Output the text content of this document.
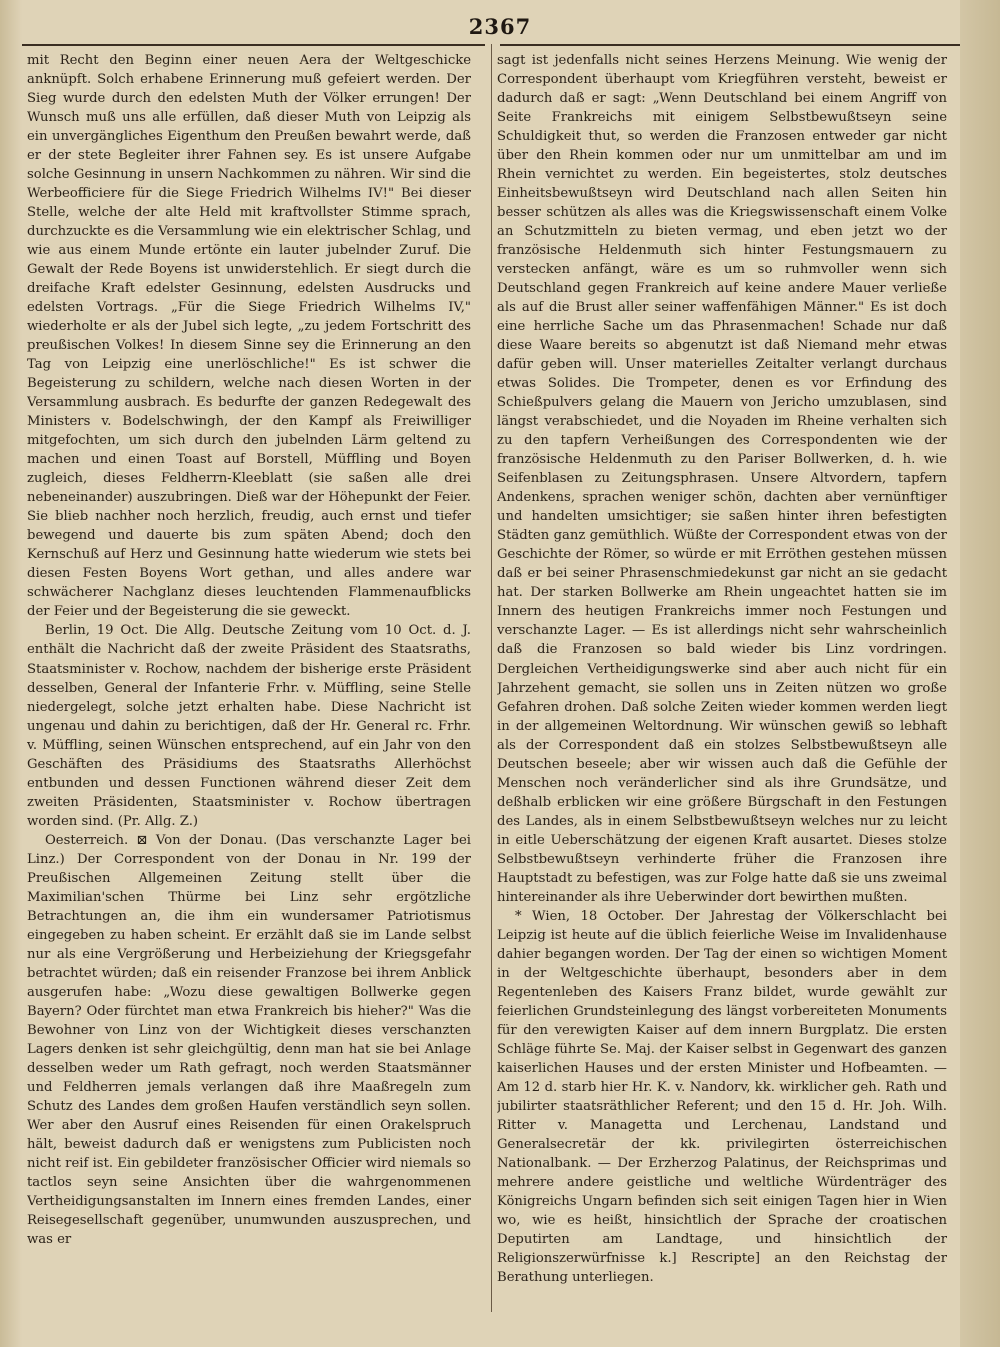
2367

mit Recht den Beginn einer neuen Aera der Weltgeschicke anknüpft. Solch erhabene Erinnerung muß gefeiert werden. Der Sieg wurde durch den edelsten Muth der Völker errungen! Der Wunsch muß uns alle erfüllen, daß dieser Muth von Leipzig als ein unvergängliches Eigenthum den Preußen bewahrt werde, daß er der stete Begleiter ihrer Fahnen sey. Es ist unsere Aufgabe solche Gesinnung in unsern Nachkommen zu nähren. Wir sind die Werbeofficiere für die Siege Friedrich Wilhelms IV!" Bei dieser Stelle, welche der alte Held mit kraftvollster Stimme sprach, durchzuckte es die Versammlung wie ein elektrischer Schlag, und wie aus einem Munde ertönte ein lauter jubelnder Zuruf. Die Gewalt der Rede Boyens ist unwiderstehlich. Er siegt durch die dreifache Kraft edelster Gesinnung, edelsten Ausdrucks und edelsten Vortrags. „Für die Siege Friedrich Wilhelms IV," wiederholte er als der Jubel sich legte, „zu jedem Fortschritt des preußischen Volkes! In diesem Sinne sey die Erinnerung an den Tag von Leipzig eine unerlöschliche!" Es ist schwer die Begeisterung zu schildern, welche nach diesen Worten in der Versammlung ausbrach. Es bedurfte der ganzen Redegewalt des Ministers v. Bodelschwingh, der den Kampf als Freiwilliger mitgefochten, um sich durch den jubelnden Lärm geltend zu machen und einen Toast auf Borstell, Müffling und Boyen zugleich, dieses Feldherrn-Kleeblatt (sie saßen alle drei nebeneinander) auszubringen. Dieß war der Höhepunkt der Feier. Sie blieb nachher noch herzlich, freudig, auch ernst und tiefer bewegend und dauerte bis zum späten Abend; doch den Kernschuß auf Herz und Gesinnung hatte wiederum wie stets bei diesen Festen Boyens Wort gethan, und alles andere war schwächerer Nachglanz dieses leuchtenden Flammenaufblicks der Feier und der Begeisterung die sie geweckt.

Berlin, 19 Oct. Die Allg. Deutsche Zeitung vom 10 Oct. d. J. enthält die Nachricht daß der zweite Präsident des Staatsraths, Staatsminister v. Rochow, nachdem der bisherige erste Präsident desselben, General der Infanterie Frhr. v. Müffling, seine Stelle niedergelegt, solche jetzt erhalten habe. Diese Nachricht ist ungenau und dahin zu berichtigen, daß der Hr. General rc. Frhr. v. Müffling, seinen Wünschen entsprechend, auf ein Jahr von den Geschäften des Präsidiums des Staatsraths Allerhöchst entbunden und dessen Functionen während dieser Zeit dem zweiten Präsidenten, Staatsminister v. Rochow übertragen worden sind. (Pr. Allg. Z.)

Oesterreich. ⊠ Von der Donau. (Das verschanzte Lager bei Linz.) Der Correspondent von der Donau in Nr. 199 der Preußischen Allgemeinen Zeitung stellt über die Maximilian'schen Thürme bei Linz sehr ergötzliche Betrachtungen an, die ihm ein wundersamer Patriotismus eingegeben zu haben scheint. Er erzählt daß sie im Lande selbst nur als eine Vergrößerung und Herbeiziehung der Kriegsgefahr betrachtet würden; daß ein reisender Franzose bei ihrem Anblick ausgerufen habe: „Wozu diese gewaltigen Bollwerke gegen Bayern? Oder fürchtet man etwa Frankreich bis hieher?" Was die Bewohner von Linz von der Wichtigkeit dieses verschanzten Lagers denken ist sehr gleichgültig, denn man hat sie bei Anlage desselben weder um Rath gefragt, noch werden Staatsmänner und Feldherren jemals verlangen daß ihre Maaßregeln zum Schutz des Landes dem großen Haufen verständlich seyn sollen. Wer aber den Ausruf eines Reisenden für einen Orakelspruch hält, beweist dadurch daß er wenigstens zum Publicisten noch nicht reif ist. Ein gebildeter französischer Officier wird niemals so tactlos seyn seine Ansichten über die wahrgenommenen Vertheidigungsanstalten im Innern eines fremden Landes, einer Reisegesellschaft gegenüber, unumwunden auszusprechen, und was er

sagt ist jedenfalls nicht seines Herzens Meinung. Wie wenig der Correspondent überhaupt vom Kriegführen versteht, beweist er dadurch daß er sagt: „Wenn Deutschland bei einem Angriff von Seite Frankreichs mit einigem Selbstbewußtseyn seine Schuldigkeit thut, so werden die Franzosen entweder gar nicht über den Rhein kommen oder nur um unmittelbar am und im Rhein vernichtet zu werden. Ein begeistertes, stolz deutsches Einheitsbewußtseyn wird Deutschland nach allen Seiten hin besser schützen als alles was die Kriegswissenschaft einem Volke an Schutzmitteln zu bieten vermag, und eben jetzt wo der französische Heldenmuth sich hinter Festungsmauern zu verstecken anfängt, wäre es um so ruhmvoller wenn sich Deutschland gegen Frankreich auf keine andere Mauer verließe als auf die Brust aller seiner waffenfähigen Männer." Es ist doch eine herrliche Sache um das Phrasenmachen! Schade nur daß diese Waare bereits so abgenutzt ist daß Niemand mehr etwas dafür geben will. Unser materielles Zeitalter verlangt durchaus etwas Solides. Die Trompeter, denen es vor Erfindung des Schießpulvers gelang die Mauern von Jericho umzublasen, sind längst verabschiedet, und die Noyaden im Rheine verhalten sich zu den tapfern Verheißungen des Correspondenten wie der französische Heldenmuth zu den Pariser Bollwerken, d. h. wie Seifenblasen zu Zeitungsphrasen. Unsere Altvordern, tapfern Andenkens, sprachen weniger schön, dachten aber vernünftiger und handelten umsichtiger; sie saßen hinter ihren befestigten Städten ganz gemüthlich. Wüßte der Correspondent etwas von der Geschichte der Römer, so würde er mit Erröthen gestehen müssen daß er bei seiner Phrasenschmiedekunst gar nicht an sie gedacht hat. Der starken Bollwerke am Rhein ungeachtet hatten sie im Innern des heutigen Frankreichs immer noch Festungen und verschanzte Lager. — Es ist allerdings nicht sehr wahrscheinlich daß die Franzosen so bald wieder bis Linz vordringen. Dergleichen Vertheidigungswerke sind aber auch nicht für ein Jahrzehent gemacht, sie sollen uns in Zeiten nützen wo große Gefahren drohen. Daß solche Zeiten wieder kommen werden liegt in der allgemeinen Weltordnung. Wir wünschen gewiß so lebhaft als der Correspondent daß ein stolzes Selbstbewußtseyn alle Deutschen beseele; aber wir wissen auch daß die Gefühle der Menschen noch veränderlicher sind als ihre Grundsätze, und deßhalb erblicken wir eine größere Bürgschaft in den Festungen des Landes, als in einem Selbstbewußtseyn welches nur zu leicht in eitle Ueberschätzung der eigenen Kraft ausartet. Dieses stolze Selbstbewußtseyn verhinderte früher die Franzosen ihre Hauptstadt zu befestigen, was zur Folge hatte daß sie uns zweimal hintereinander als ihre Ueberwinder dort bewirthen mußten.

* Wien, 18 October. Der Jahrestag der Völkerschlacht bei Leipzig ist heute auf die üblich feierliche Weise im Invalidenhause dahier begangen worden. Der Tag der einen so wichtigen Moment in der Weltgeschichte überhaupt, besonders aber in dem Regentenleben des Kaisers Franz bildet, wurde gewählt zur feierlichen Grundsteinlegung des längst vorbereiteten Monuments für den verewigten Kaiser auf dem innern Burgplatz. Die ersten Schläge führte Se. Maj. der Kaiser selbst in Gegenwart des ganzen kaiserlichen Hauses und der ersten Minister und Hofbeamten. — Am 12 d. starb hier Hr. K. v. Nandorv, kk. wirklicher geh. Rath und jubilirter staatsräthlicher Referent; und den 15 d. Hr. Joh. Wilh. Ritter v. Managetta und Lerchenau, Landstand und Generalsecretär der kk. privilegirten österreichischen Nationalbank. — Der Erzherzog Palatinus, der Reichsprimas und mehrere andere geistliche und weltliche Würdenträger des Königreichs Ungarn befinden sich seit einigen Tagen hier in Wien wo, wie es heißt, hinsichtlich der Sprache der croatischen Deputirten am Landtage, und hinsichtlich der Religionszerwürfnisse k.] Rescripte] an den Reichstag der Berathung unterliegen.
